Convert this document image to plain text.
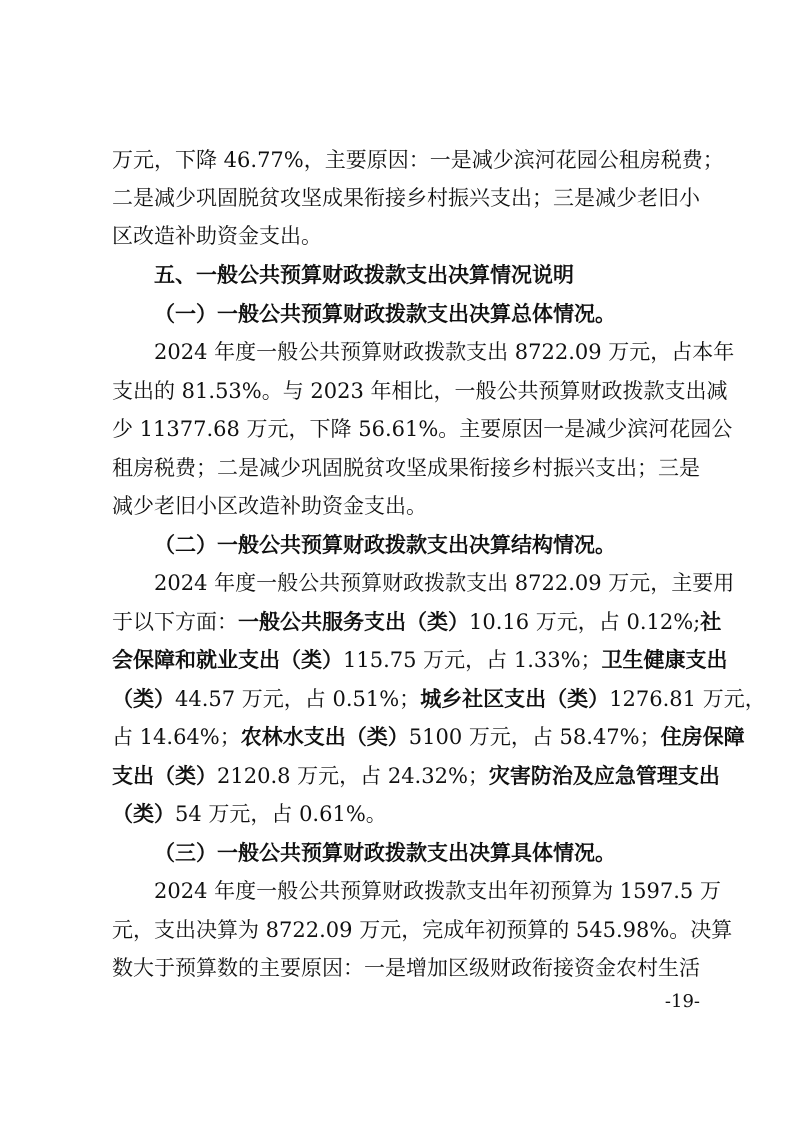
万元，下降 46.77%，主要原因：一是减少滨河花园公租房税费；
二是减少巩固脱贫攻坚成果衔接乡村振兴支出；三是减少老旧小
区改造补助资金支出。
五、一般公共预算财政拨款支出决算情况说明
（一）一般公共预算财政拨款支出决算总体情况。
2024 年度一般公共预算财政拨款支出 8722.09 万元，占本年
支出的 81.53%。与 2023 年相比，一般公共预算财政拨款支出减
少 11377.68 万元，下降 56.61%。主要原因一是减少滨河花园公
租房税费；二是减少巩固脱贫攻坚成果衔接乡村振兴支出；三是
减少老旧小区改造补助资金支出。
（二）一般公共预算财政拨款支出决算结构情况。
2024 年度一般公共预算财政拨款支出 8722.09 万元，主要用
于以下方面：一般公共服务支出（类）10.16 万元，占 0.12%;社
会保障和就业支出（类）115.75 万元，占 1.33%；卫生健康支出
（类）44.57 万元，占 0.51%；城乡社区支出（类）1276.81 万元，
占 14.64%；农林水支出（类）5100 万元，占 58.47%；住房保障
支出（类）2120.8 万元，占 24.32%；灾害防治及应急管理支出
（类）54 万元，占 0.61%。
（三）一般公共预算财政拨款支出决算具体情况。
2024 年度一般公共预算财政拨款支出年初预算为 1597.5 万
元，支出决算为 8722.09 万元，完成年初预算的 545.98%。决算
数大于预算数的主要原因：一是增加区级财政衔接资金农村生活
-19-
